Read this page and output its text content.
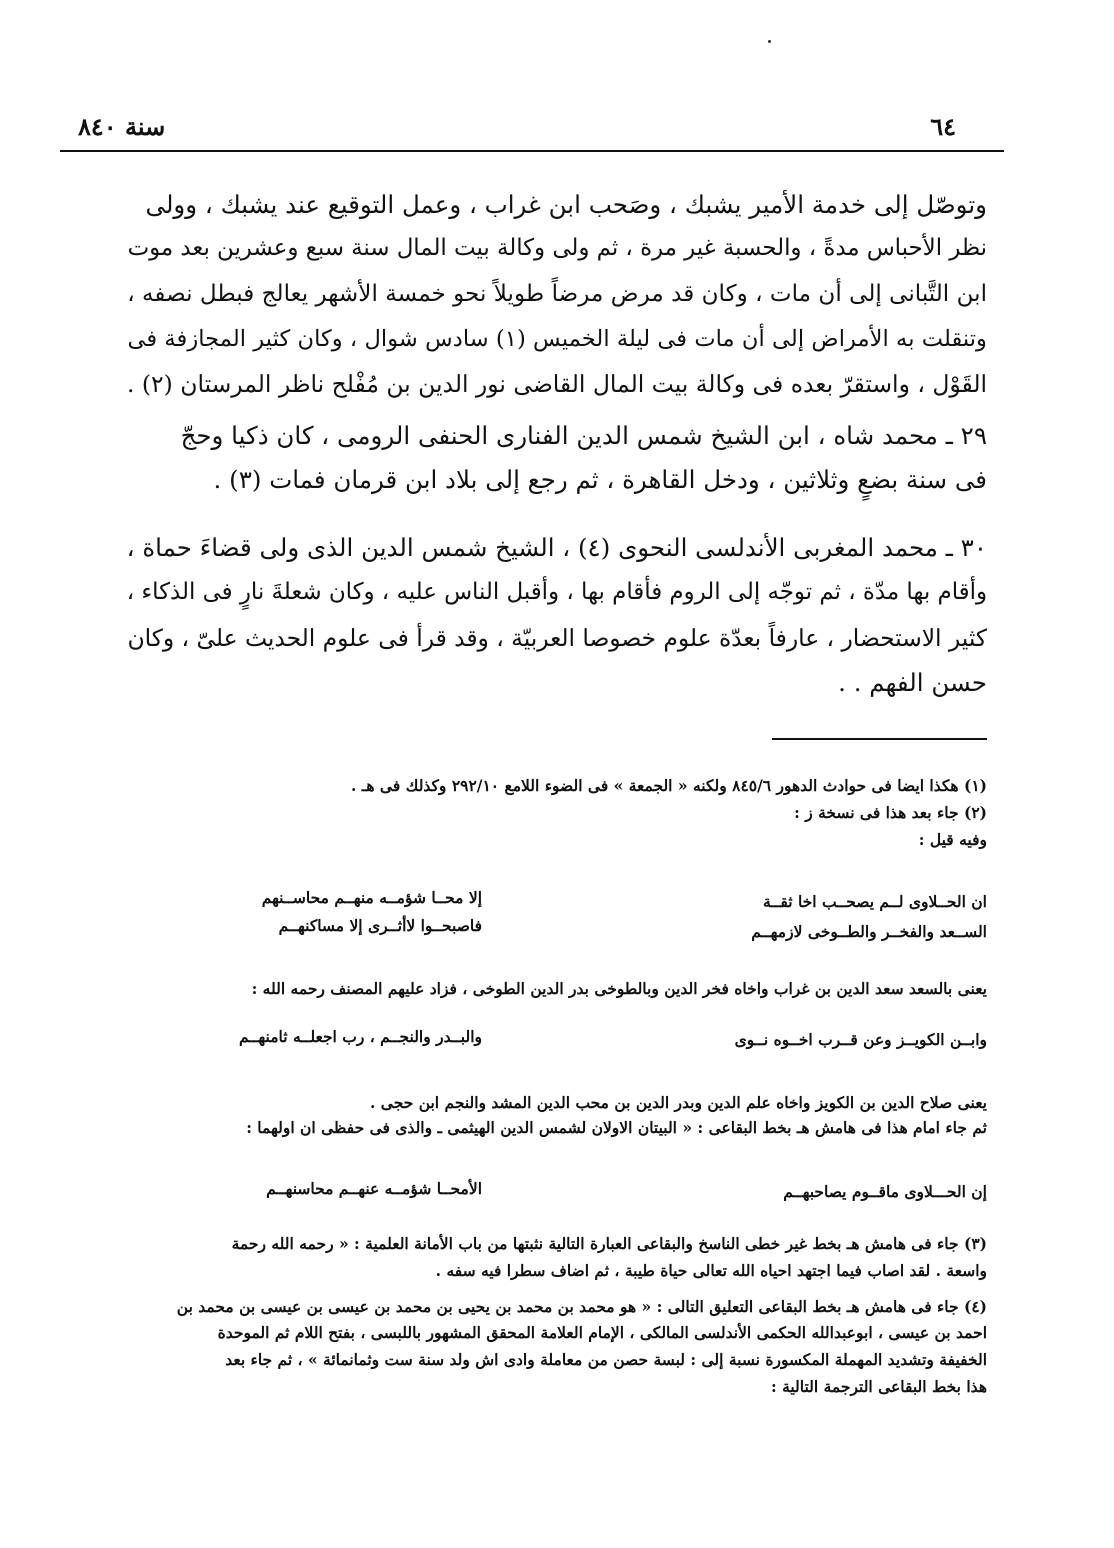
٦٤
سنة ٨٤٠
وتوصّل إلى خدمة الأمير يشبك ، وصَحب ابن غراب ، وعمل التوقيع عند يشبك ، وولى
نظر الأحباس مدةً ، والحسبة غير مرة ، ثم ولى وكالة بيت المال سنة سبع وعشرين بعد موت
ابن التَّبانى إلى أن مات ، وكان قد مرض مرضاً طويلاً نحو خمسة الأشهر يعالج فبطل نصفه ،
وتنقلت به الأمراض إلى أن مات فى ليلة الخميس (١) سادس شوال ، وكان كثير المجازفة فى
القَوْل ، واستقرّ بعده فى وكالة بيت المال القاضى نور الدين بن مُفْلح ناظر المرستان (٢) .
٢٩ ـ محمد شاه ، ابن الشيخ شمس الدين الفنارى الحنفى الرومى ، كان ذكيا وحجّ
فى سنة بضعٍ وثلاثين ، ودخل القاهرة ، ثم رجع إلى بلاد ابن قرمان فمات (٣) .
٣٠ ـ محمد المغربى الأندلسى النحوى (٤) ، الشيخ شمس الدين الذى ولى قضاءَ حماة ،
وأقام بها مدّة ، ثم توجّه إلى الروم فأقام بها ، وأقبل الناس عليه ، وكان شعلةَ نارٍ فى الذكاء ،
كثير الاستحضار ، عارفاً بعدّة علوم خصوصا العربيّة ، وقد قرأ فى علوم الحديث علىّ ، وكان
حسن الفهم . .
(١) هكذا ايضا فى حوادث الدهور ٨٤٥/٦ ولكنه « الجمعة » فى الضوء اللامع ٢٩٢/١٠ وكذلك فى هـ .
(٢) جاء بعد هذا فى نسخة ز :
وفيه قيل :
ان الحــلاوى لــم يصحــب اخا ثقــة
إلا محــا شؤمــه منهــم محاســنهم
الســعد والفخــر والطــوخى لازمهــم
فاصبحــوا لاأثــرى إلا مساكنهــم
يعنى بالسعد سعد الدين بن غراب واخاه فخر الدين وبالطوخى بدر الدين الطوخى ، فزاد عليهم المصنف رحمه الله :
وابــن الكويــز وعن قــرب اخــوه نــوى
والبــدر والنجــم ، رب اجعلــه ثامنهــم
يعنى صلاح الدين بن الكويز واخاه علم الدين وبدر الدين بن محب الدين المشد والنجم ابن حجى .
ثم جاء امام هذا فى هامش هـ بخط البقاعى : « البيتان الاولان لشمس الدين الهيثمى ـ والذى فى حفظى ان اولهما :
إن الحـــلاوى ماقــوم يصاحبهــم
الأمحــا شؤمــه عنهــم محاسنهــم
(٣) جاء فى هامش هـ بخط غير خطى الناسخ والبقاعى العبارة التالية نثبتها من باب الأمانة العلمية : « رحمه الله رحمة
واسعة . لقد اصاب فيما اجتهد احياه الله تعالى حياة طيبة ، ثم اضاف سطرا فيه سفه .
(٤) جاء فى هامش هـ بخط البقاعى التعليق التالى : « هو محمد بن محمد بن يحيى بن محمد بن عيسى بن عيسى بن محمد بن
احمد بن عيسى ، ابوعبدالله الحكمى الأندلسى المالكى ، الإمام العلامة المحقق المشهور باللبسى ، بفتح اللام ثم الموحدة
الخفيفة وتشديد المهملة المكسورة نسبة إلى : لبسة حصن من معاملة وادى اش ولد سنة ست وثمانمائة » ، ثم جاء بعد
هذا بخط البقاعى الترجمة التالية :
